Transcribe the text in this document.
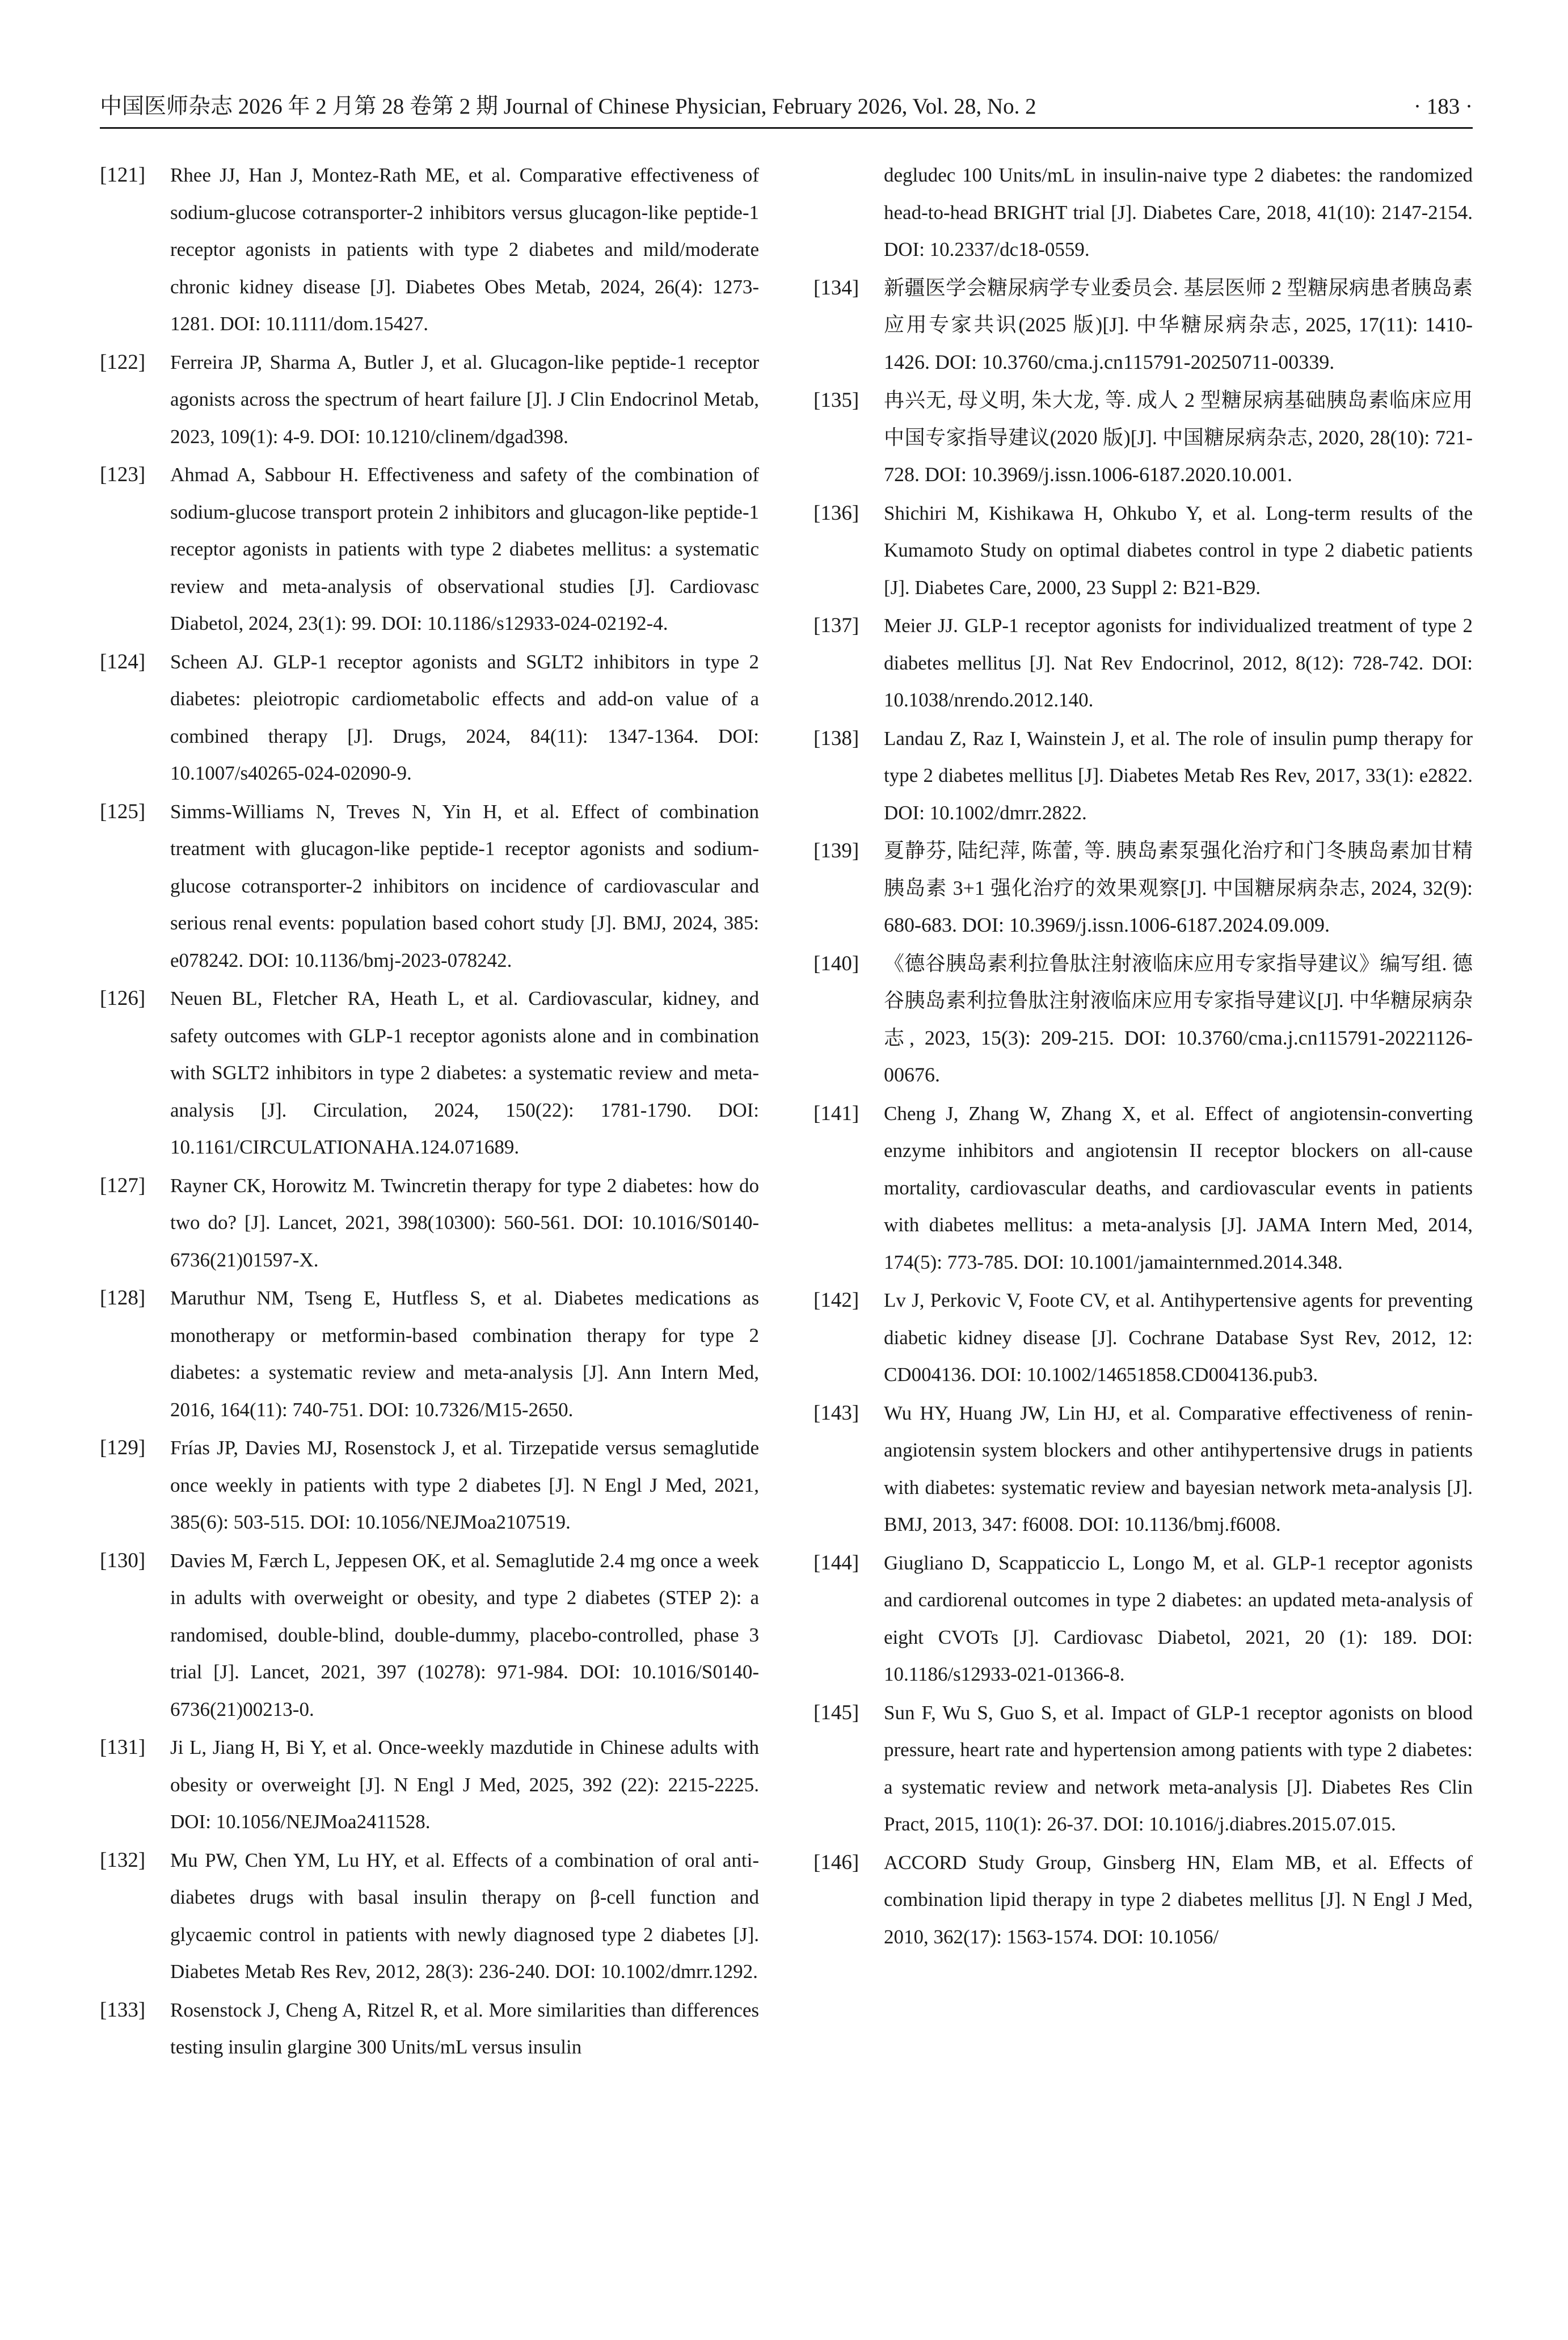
中国医师杂志 2026 年 2 月第 28 卷第 2 期 Journal of Chinese Physician, February 2026, Vol. 28, No. 2	· 183 ·
[121]	Rhee JJ, Han J, Montez-Rath ME, et al. Comparative effectiveness of sodium-glucose cotransporter-2 inhibitors versus glucagon-like peptide-1 receptor agonists in patients with type 2 diabetes and mild/moderate chronic kidney disease [J]. Diabetes Obes Metab, 2024, 26(4): 1273-1281. DOI: 10.1111/dom.15427.
[122]	Ferreira JP, Sharma A, Butler J, et al. Glucagon-like peptide-1 receptor agonists across the spectrum of heart failure [J]. J Clin Endocrinol Metab, 2023, 109(1): 4-9. DOI: 10.1210/clinem/dgad398.
[123]	Ahmad A, Sabbour H. Effectiveness and safety of the combination of sodium-glucose transport protein 2 inhibitors and glucagon-like peptide-1 receptor agonists in patients with type 2 diabetes mellitus: a systematic review and meta-analysis of observational studies [J]. Cardiovasc Diabetol, 2024, 23(1): 99. DOI: 10.1186/s12933-024-02192-4.
[124]	Scheen AJ. GLP-1 receptor agonists and SGLT2 inhibitors in type 2 diabetes: pleiotropic cardiometabolic effects and add-on value of a combined therapy [J]. Drugs, 2024, 84(11): 1347-1364. DOI: 10.1007/s40265-024-02090-9.
[125]	Simms-Williams N, Treves N, Yin H, et al. Effect of combination treatment with glucagon-like peptide-1 receptor agonists and sodium-glucose cotransporter-2 inhibitors on incidence of cardiovascular and serious renal events: population based cohort study [J]. BMJ, 2024, 385: e078242. DOI: 10.1136/bmj-2023-078242.
[126]	Neuen BL, Fletcher RA, Heath L, et al. Cardiovascular, kidney, and safety outcomes with GLP-1 receptor agonists alone and in combination with SGLT2 inhibitors in type 2 diabetes: a systematic review and meta-analysis [J]. Circulation, 2024, 150(22): 1781-1790. DOI: 10.1161/CIRCULATIONAHA.124.071689.
[127]	Rayner CK, Horowitz M. Twincretin therapy for type 2 diabetes: how do two do? [J]. Lancet, 2021, 398(10300): 560-561. DOI: 10.1016/S0140-6736(21)01597-X.
[128]	Maruthur NM, Tseng E, Hutfless S, et al. Diabetes medications as monotherapy or metformin-based combination therapy for type 2 diabetes: a systematic review and meta-analysis [J]. Ann Intern Med, 2016, 164(11): 740-751. DOI: 10.7326/M15-2650.
[129]	Frías JP, Davies MJ, Rosenstock J, et al. Tirzepatide versus semaglutide once weekly in patients with type 2 diabetes [J]. N Engl J Med, 2021, 385(6): 503-515. DOI: 10.1056/NEJMoa2107519.
[130]	Davies M, Færch L, Jeppesen OK, et al. Semaglutide 2.4 mg once a week in adults with overweight or obesity, and type 2 diabetes (STEP 2): a randomised, double-blind, double-dummy, placebo-controlled, phase 3 trial [J]. Lancet, 2021, 397 (10278): 971-984. DOI: 10.1016/S0140-6736(21)00213-0.
[131]	Ji L, Jiang H, Bi Y, et al. Once-weekly mazdutide in Chinese adults with obesity or overweight [J]. N Engl J Med, 2025, 392 (22): 2215-2225. DOI: 10.1056/NEJMoa2411528.
[132]	Mu PW, Chen YM, Lu HY, et al. Effects of a combination of oral anti-diabetes drugs with basal insulin therapy on β-cell function and glycaemic control in patients with newly diagnosed type 2 diabetes [J]. Diabetes Metab Res Rev, 2012, 28(3): 236-240. DOI: 10.1002/dmrr.1292.
[133]	Rosenstock J, Cheng A, Ritzel R, et al. More similarities than differences testing insulin glargine 300 Units/mL versus insulin
degludec 100 Units/mL in insulin-naive type 2 diabetes: the randomized head-to-head BRIGHT trial [J]. Diabetes Care, 2018, 41(10): 2147-2154. DOI: 10.2337/dc18-0559.
[134]	新疆医学会糖尿病学专业委员会. 基层医师 2 型糖尿病患者胰岛素应用专家共识(2025 版)[J]. 中华糖尿病杂志, 2025, 17(11): 1410-1426. DOI: 10.3760/cma.j.cn115791-20250711-00339.
[135]	冉兴无, 母义明, 朱大龙, 等. 成人 2 型糖尿病基础胰岛素临床应用中国专家指导建议(2020 版)[J]. 中国糖尿病杂志, 2020, 28(10): 721-728. DOI: 10.3969/j.issn.1006-6187.2020.10.001.
[136]	Shichiri M, Kishikawa H, Ohkubo Y, et al. Long-term results of the Kumamoto Study on optimal diabetes control in type 2 diabetic patients [J]. Diabetes Care, 2000, 23 Suppl 2: B21-B29.
[137]	Meier JJ. GLP-1 receptor agonists for individualized treatment of type 2 diabetes mellitus [J]. Nat Rev Endocrinol, 2012, 8(12): 728-742. DOI: 10.1038/nrendo.2012.140.
[138]	Landau Z, Raz I, Wainstein J, et al. The role of insulin pump therapy for type 2 diabetes mellitus [J]. Diabetes Metab Res Rev, 2017, 33(1): e2822. DOI: 10.1002/dmrr.2822.
[139]	夏静芬, 陆纪萍, 陈蕾, 等. 胰岛素泵强化治疗和门冬胰岛素加甘精胰岛素 3+1 强化治疗的效果观察[J]. 中国糖尿病杂志, 2024, 32(9): 680-683. DOI: 10.3969/j.issn.1006-6187.2024.09.009.
[140]	《德谷胰岛素利拉鲁肽注射液临床应用专家指导建议》编写组. 德谷胰岛素利拉鲁肽注射液临床应用专家指导建议[J]. 中华糖尿病杂志, 2023, 15(3): 209-215. DOI: 10.3760/cma.j.cn115791-20221126-00676.
[141]	Cheng J, Zhang W, Zhang X, et al. Effect of angiotensin-converting enzyme inhibitors and angiotensin II receptor blockers on all-cause mortality, cardiovascular deaths, and cardiovascular events in patients with diabetes mellitus: a meta-analysis [J]. JAMA Intern Med, 2014, 174(5): 773-785. DOI: 10.1001/jamainternmed.2014.348.
[142]	Lv J, Perkovic V, Foote CV, et al. Antihypertensive agents for preventing diabetic kidney disease [J]. Cochrane Database Syst Rev, 2012, 12: CD004136. DOI: 10.1002/14651858.CD004136.pub3.
[143]	Wu HY, Huang JW, Lin HJ, et al. Comparative effectiveness of renin-angiotensin system blockers and other antihypertensive drugs in patients with diabetes: systematic review and bayesian network meta-analysis [J]. BMJ, 2013, 347: f6008. DOI: 10.1136/bmj.f6008.
[144]	Giugliano D, Scappaticcio L, Longo M, et al. GLP-1 receptor agonists and cardiorenal outcomes in type 2 diabetes: an updated meta-analysis of eight CVOTs [J]. Cardiovasc Diabetol, 2021, 20 (1): 189. DOI: 10.1186/s12933-021-01366-8.
[145]	Sun F, Wu S, Guo S, et al. Impact of GLP-1 receptor agonists on blood pressure, heart rate and hypertension among patients with type 2 diabetes: a systematic review and network meta-analysis [J]. Diabetes Res Clin Pract, 2015, 110(1): 26-37. DOI: 10.1016/j.diabres.2015.07.015.
[146]	ACCORD Study Group, Ginsberg HN, Elam MB, et al. Effects of combination lipid therapy in type 2 diabetes mellitus [J]. N Engl J Med, 2010, 362(17): 1563-1574. DOI: 10.1056/
